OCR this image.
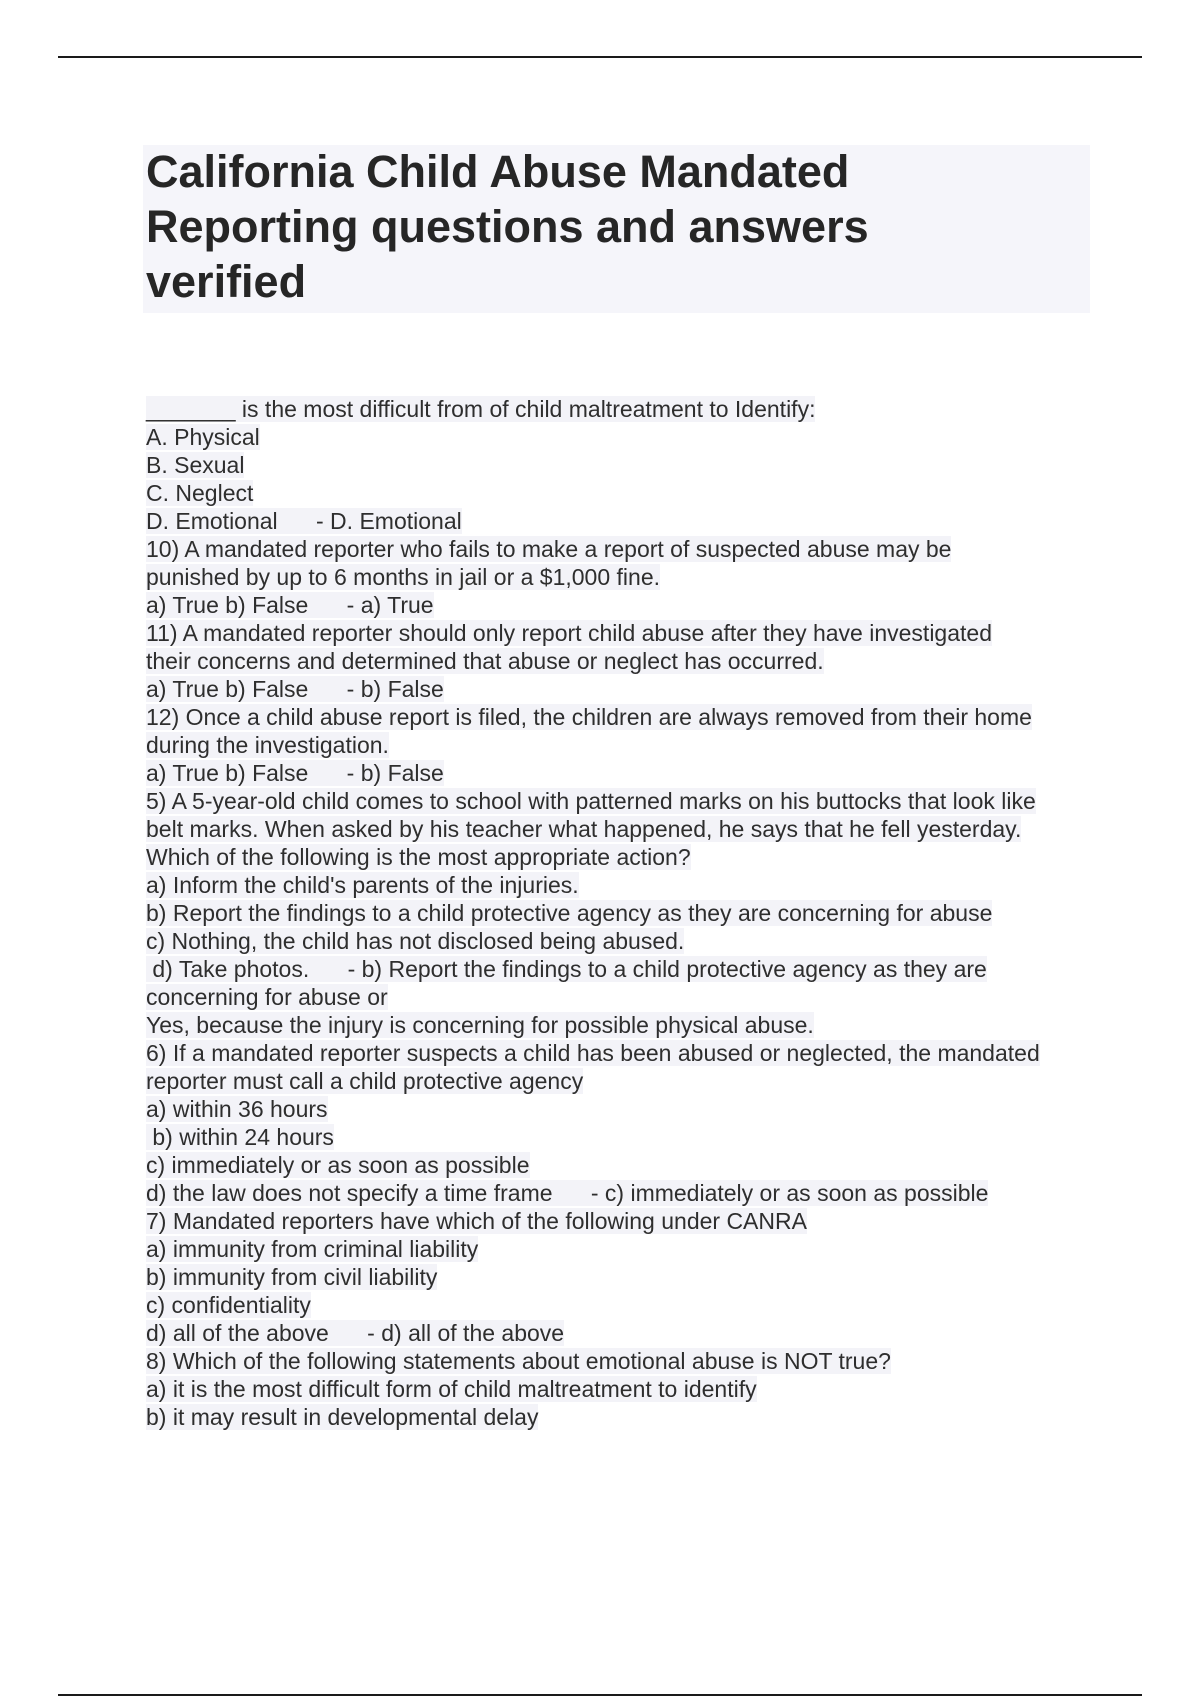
California Child Abuse Mandated
Reporting questions and answers
verified
_______ is the most difficult from of child maltreatment to Identify:
A. Physical
B. Sexual
C. Neglect
D. Emotional      - D. Emotional
10) A mandated reporter who fails to make a report of suspected abuse may be
punished by up to 6 months in jail or a $1,000 fine.
a) True b) False      - a) True
11) A mandated reporter should only report child abuse after they have investigated
their concerns and determined that abuse or neglect has occurred.
a) True b) False      - b) False
12) Once a child abuse report is filed, the children are always removed from their home
during the investigation.
a) True b) False      - b) False
5) A 5-year-old child comes to school with patterned marks on his buttocks that look like
belt marks. When asked by his teacher what happened, he says that he fell yesterday.
Which of the following is the most appropriate action?
a) Inform the child's parents of the injuries.
b) Report the findings to a child protective agency as they are concerning for abuse
c) Nothing, the child has not disclosed being abused.
d) Take photos.      - b) Report the findings to a child protective agency as they are
concerning for abuse or
Yes, because the injury is concerning for possible physical abuse.
6) If a mandated reporter suspects a child has been abused or neglected, the mandated
reporter must call a child protective agency
a) within 36 hours
b) within 24 hours
c) immediately or as soon as possible
d) the law does not specify a time frame      - c) immediately or as soon as possible
7) Mandated reporters have which of the following under CANRA
a) immunity from criminal liability
b) immunity from civil liability
c) confidentiality
d) all of the above      - d) all of the above
8) Which of the following statements about emotional abuse is NOT true?
a) it is the most difficult form of child maltreatment to identify
b) it may result in developmental delay
